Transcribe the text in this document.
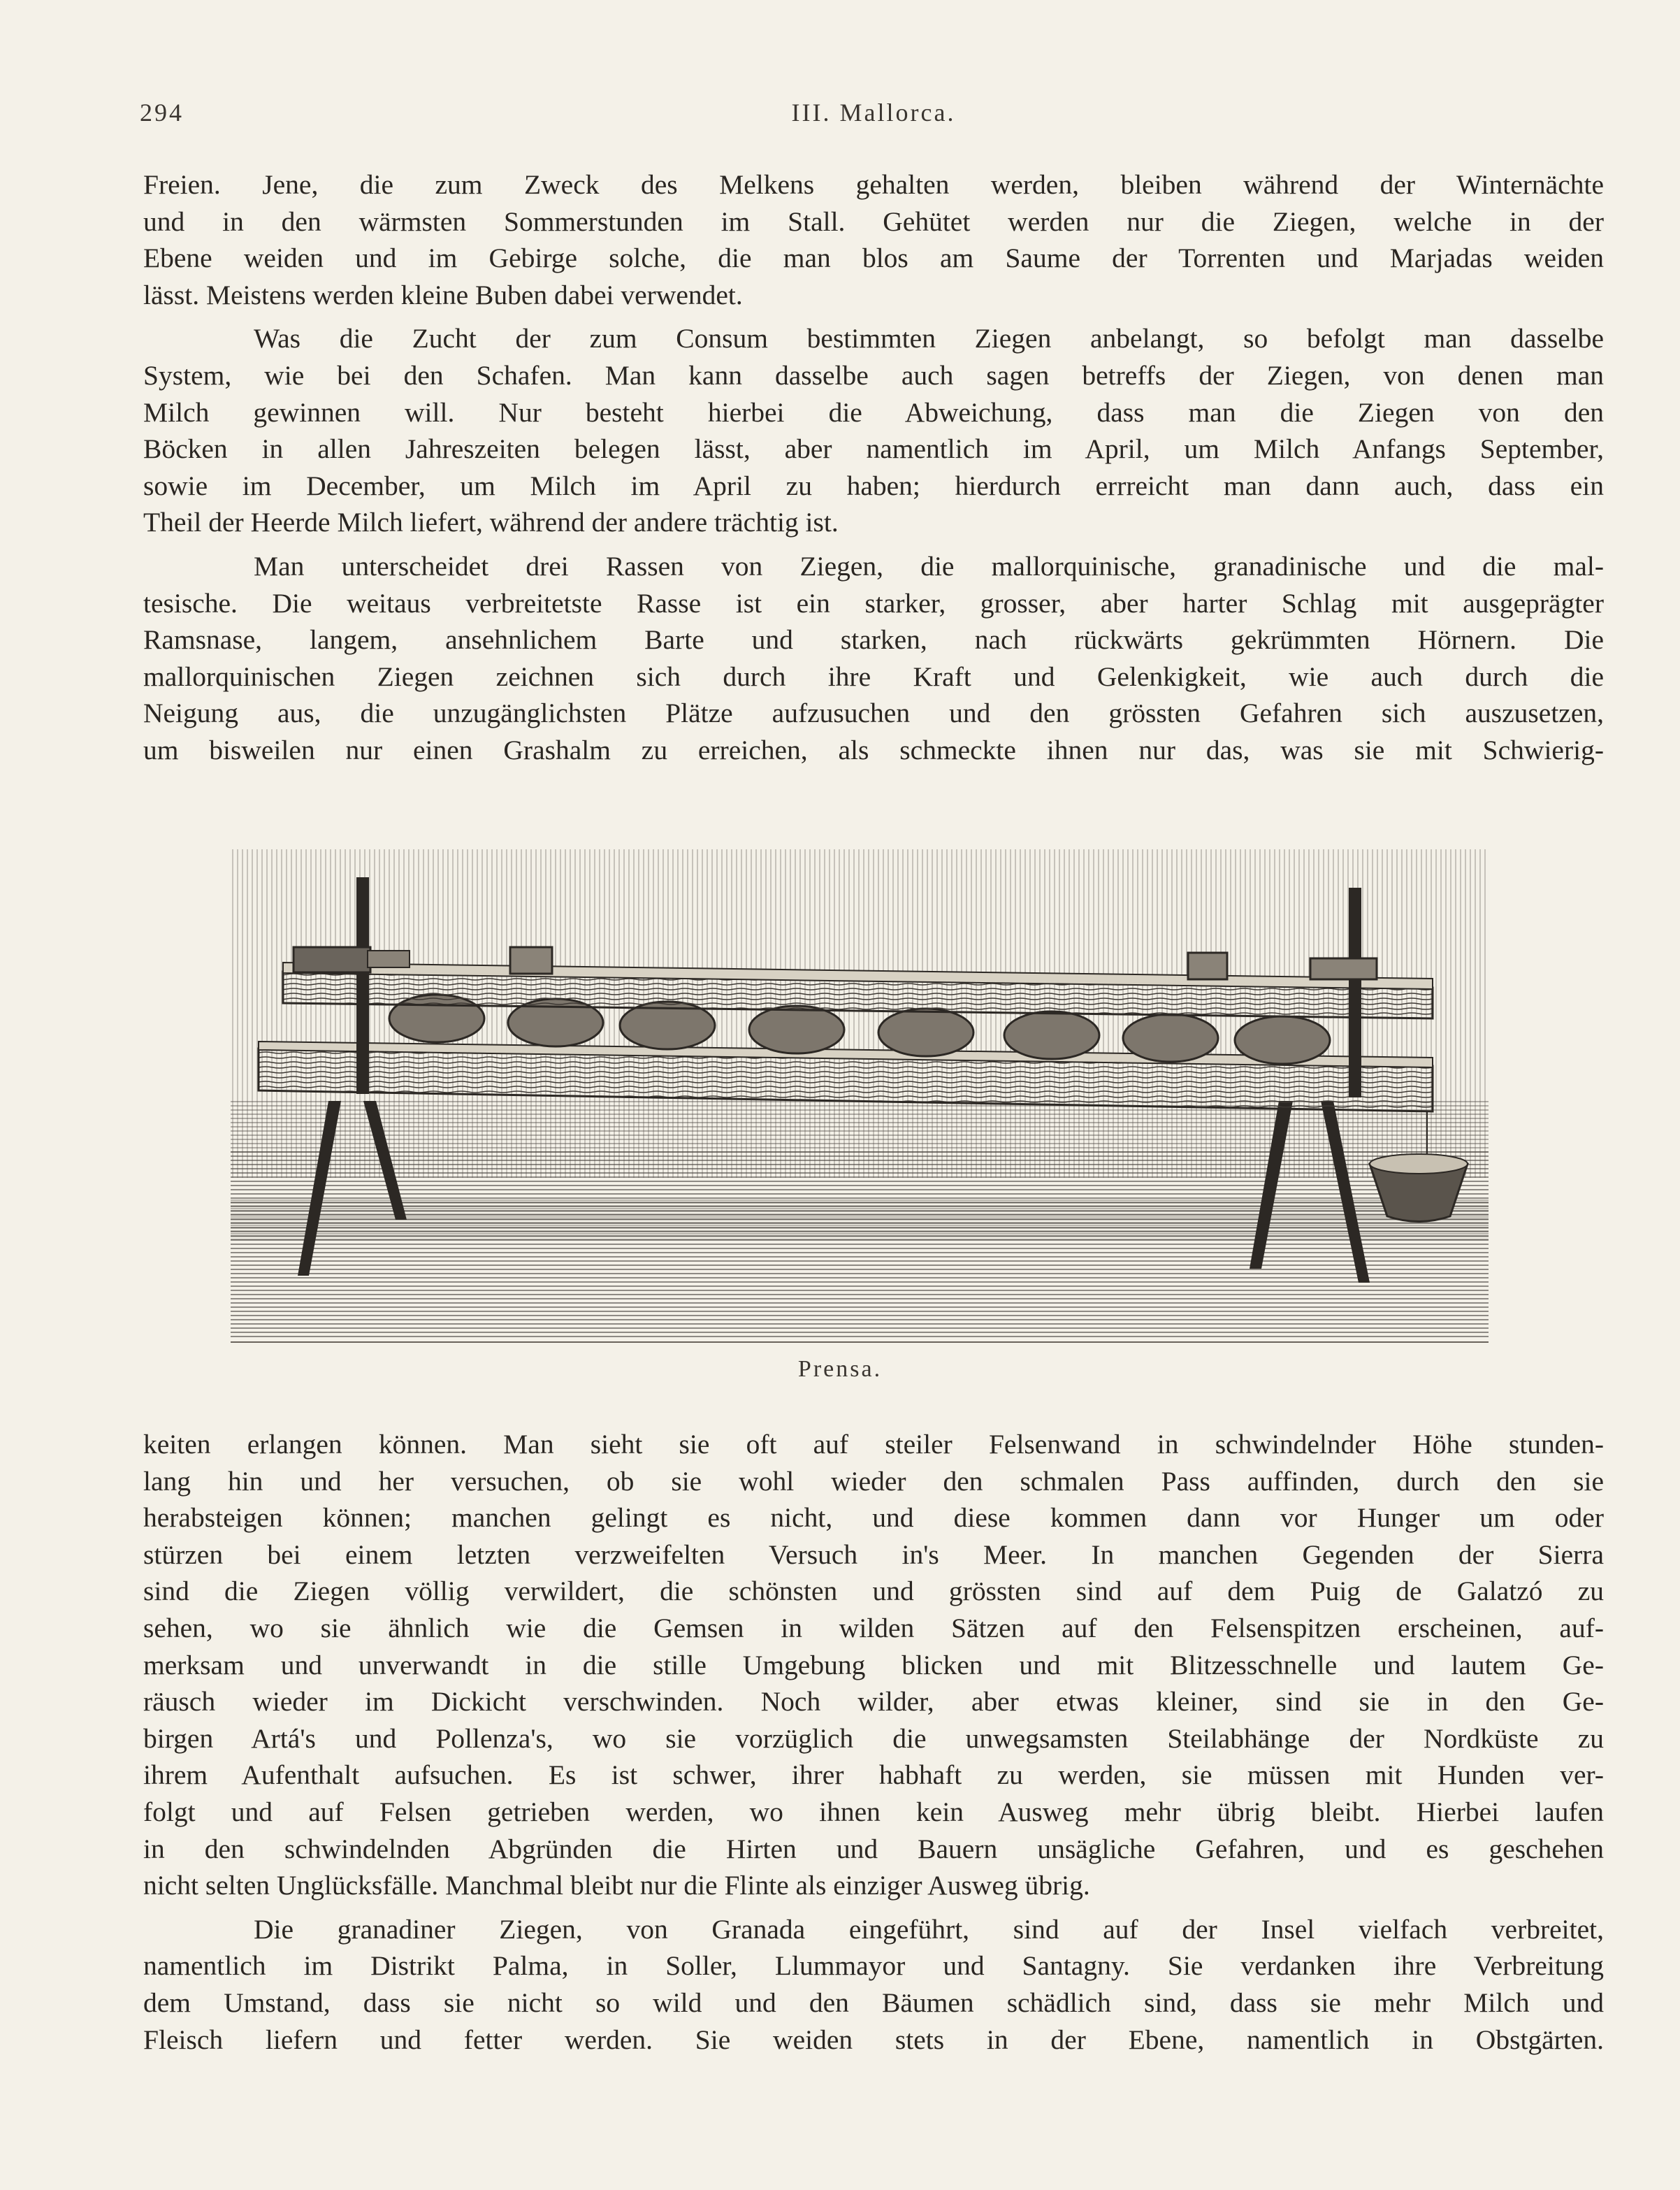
294	III. Mallorca.

Freien. Jene, die zum Zweck des Melkens gehalten werden, bleiben während der Winternächte
und in den wärmsten Sommerstunden im Stall. Gehütet werden nur die Ziegen, welche in der
Ebene weiden und im Gebirge solche, die man blos am Saume der Torrenten und Marjadas weiden
lässt. Meistens werden kleine Buben dabei verwendet.

Was die Zucht der zum Consum bestimmten Ziegen anbelangt, so befolgt man dasselbe
System, wie bei den Schafen. Man kann dasselbe auch sagen betreffs der Ziegen, von denen man
Milch gewinnen will. Nur besteht hierbei die Abweichung, dass man die Ziegen von den
Böcken in allen Jahreszeiten belegen lässt, aber namentlich im April, um Milch Anfangs September,
sowie im December, um Milch im April zu haben; hierdurch errreicht man dann auch, dass ein
Theil der Heerde Milch liefert, während der andere trächtig ist.

Man unterscheidet drei Rassen von Ziegen, die mallorquinische, granadinische und die mal-
tesische. Die weitaus verbreitetste Rasse ist ein starker, grosser, aber harter Schlag mit ausgeprägter
Ramsnase, langem, ansehnlichem Barte und starken, nach rückwärts gekrümmten Hörnern. Die
mallorquinischen Ziegen zeichnen sich durch ihre Kraft und Gelenkigkeit, wie auch durch die
Neigung aus, die unzugänglichsten Plätze aufzusuchen und den grössten Gefahren sich auszusetzen,
um bisweilen nur einen Grashalm zu erreichen, als schmeckte ihnen nur das, was sie mit Schwierig-

Prensa.

keiten erlangen können. Man sieht sie oft auf steiler Felsenwand in schwindelnder Höhe stunden-
lang hin und her versuchen, ob sie wohl wieder den schmalen Pass auffinden, durch den sie
herabsteigen können; manchen gelingt es nicht, und diese kommen dann vor Hunger um oder
stürzen bei einem letzten verzweifelten Versuch in's Meer. In manchen Gegenden der Sierra
sind die Ziegen völlig verwildert, die schönsten und grössten sind auf dem Puig de Galatzó zu
sehen, wo sie ähnlich wie die Gemsen in wilden Sätzen auf den Felsenspitzen erscheinen, auf-
merksam und unverwandt in die stille Umgebung blicken und mit Blitzesschnelle und lautem Ge-
räusch wieder im Dickicht verschwinden. Noch wilder, aber etwas kleiner, sind sie in den Ge-
birgen Artá's und Pollenza's, wo sie vorzüglich die unwegsamsten Steilabhänge der Nordküste zu
ihrem Aufenthalt aufsuchen. Es ist schwer, ihrer habhaft zu werden, sie müssen mit Hunden ver-
folgt und auf Felsen getrieben werden, wo ihnen kein Ausweg mehr übrig bleibt. Hierbei laufen
in den schwindelnden Abgründen die Hirten und Bauern unsägliche Gefahren, und es geschehen
nicht selten Unglücksfälle. Manchmal bleibt nur die Flinte als einziger Ausweg übrig.

Die granadiner Ziegen, von Granada eingeführt, sind auf der Insel vielfach verbreitet,
namentlich im Distrikt Palma, in Soller, Llummayor und Santagny. Sie verdanken ihre Verbreitung
dem Umstand, dass sie nicht so wild und den Bäumen schädlich sind, dass sie mehr Milch und
Fleisch liefern und fetter werden. Sie weiden stets in der Ebene, namentlich in Obstgärten.
